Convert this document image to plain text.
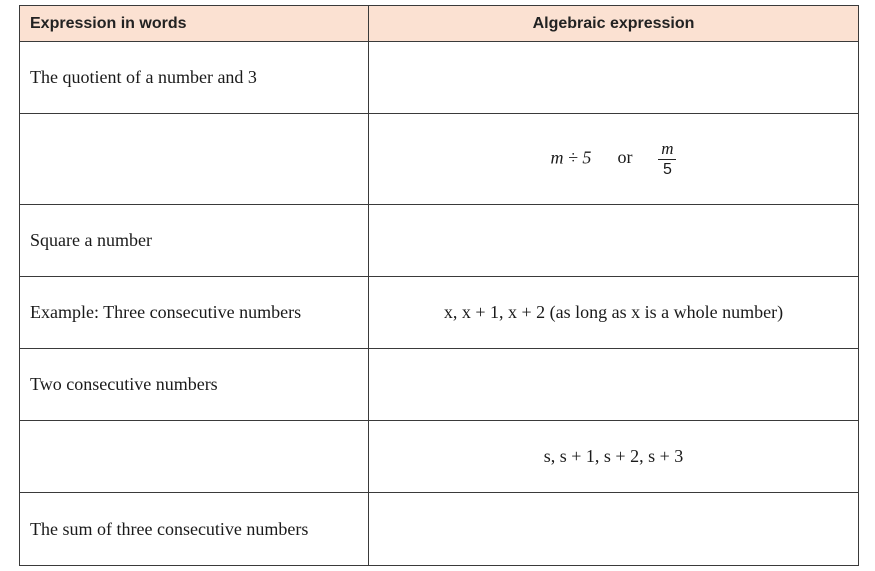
Expression in words	Algebraic expression
The quotient of a number and 3	
	m ÷ 5 or $\frac{m}{5}$

Square a number	
Example: Three consecutive numbers	x, x + 1, x + 2 (as long as x is a whole number)
Two consecutive numbers	
	s, s + 1, s + 2, s + 3
The sum of three consecutive numbers	
